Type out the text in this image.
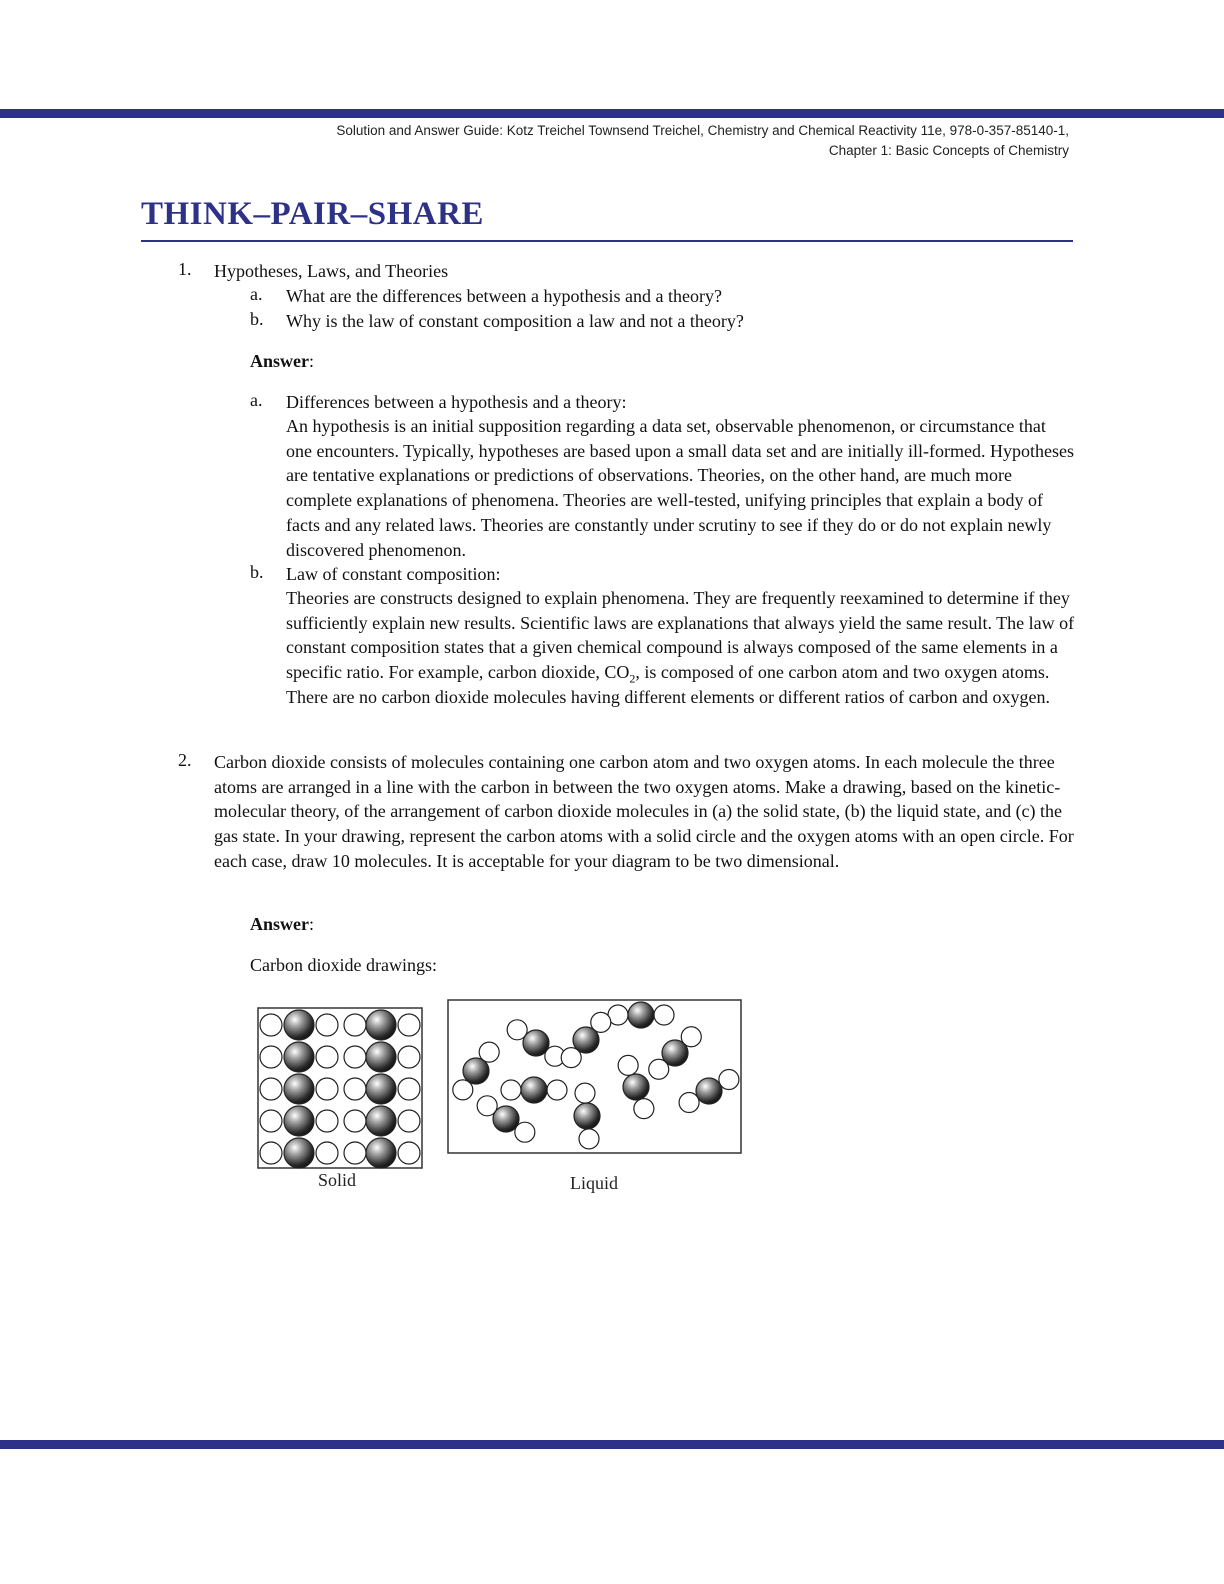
Solution and Answer Guide: Kotz Treichel Townsend Treichel, Chemistry and Chemical Reactivity 11e, 978-0-357-85140-1,
Chapter 1: Basic Concepts of Chemistry
THINK–PAIR–SHARE
1. Hypotheses, Laws, and Theories
a. What are the differences between a hypothesis and a theory?
b. Why is the law of constant composition a law and not a theory?
Answer:
a. Differences between a hypothesis and a theory:
An hypothesis is an initial supposition regarding a data set, observable phenomenon, or circumstance that one encounters. Typically, hypotheses are based upon a small data set and are initially ill-formed. Hypotheses are tentative explanations or predictions of observations. Theories, on the other hand, are much more complete explanations of phenomena. Theories are well-tested, unifying principles that explain a body of facts and any related laws. Theories are constantly under scrutiny to see if they do or do not explain newly discovered phenomenon.
b. Law of constant composition:
Theories are constructs designed to explain phenomena. They are frequently reexamined to determine if they sufficiently explain new results. Scientific laws are explanations that always yield the same result. The law of constant composition states that a given chemical compound is always composed of the same elements in a specific ratio. For example, carbon dioxide, $CO_2$, is composed of one carbon atom and two oxygen atoms. There are no carbon dioxide molecules having different elements or different ratios of carbon and oxygen.
2. Carbon dioxide consists of molecules containing one carbon atom and two oxygen atoms. In each molecule the three atoms are arranged in a line with the carbon in between the two oxygen atoms. Make a drawing, based on the kinetic-molecular theory, of the arrangement of carbon dioxide molecules in (a) the solid state, (b) the liquid state, and (c) the gas state. In your drawing, represent the carbon atoms with a solid circle and the oxygen atoms with an open circle. For each case, draw 10 molecules. It is acceptable for your diagram to be two dimensional.
Answer:
Carbon dioxide drawings:
Solid	Liquid
